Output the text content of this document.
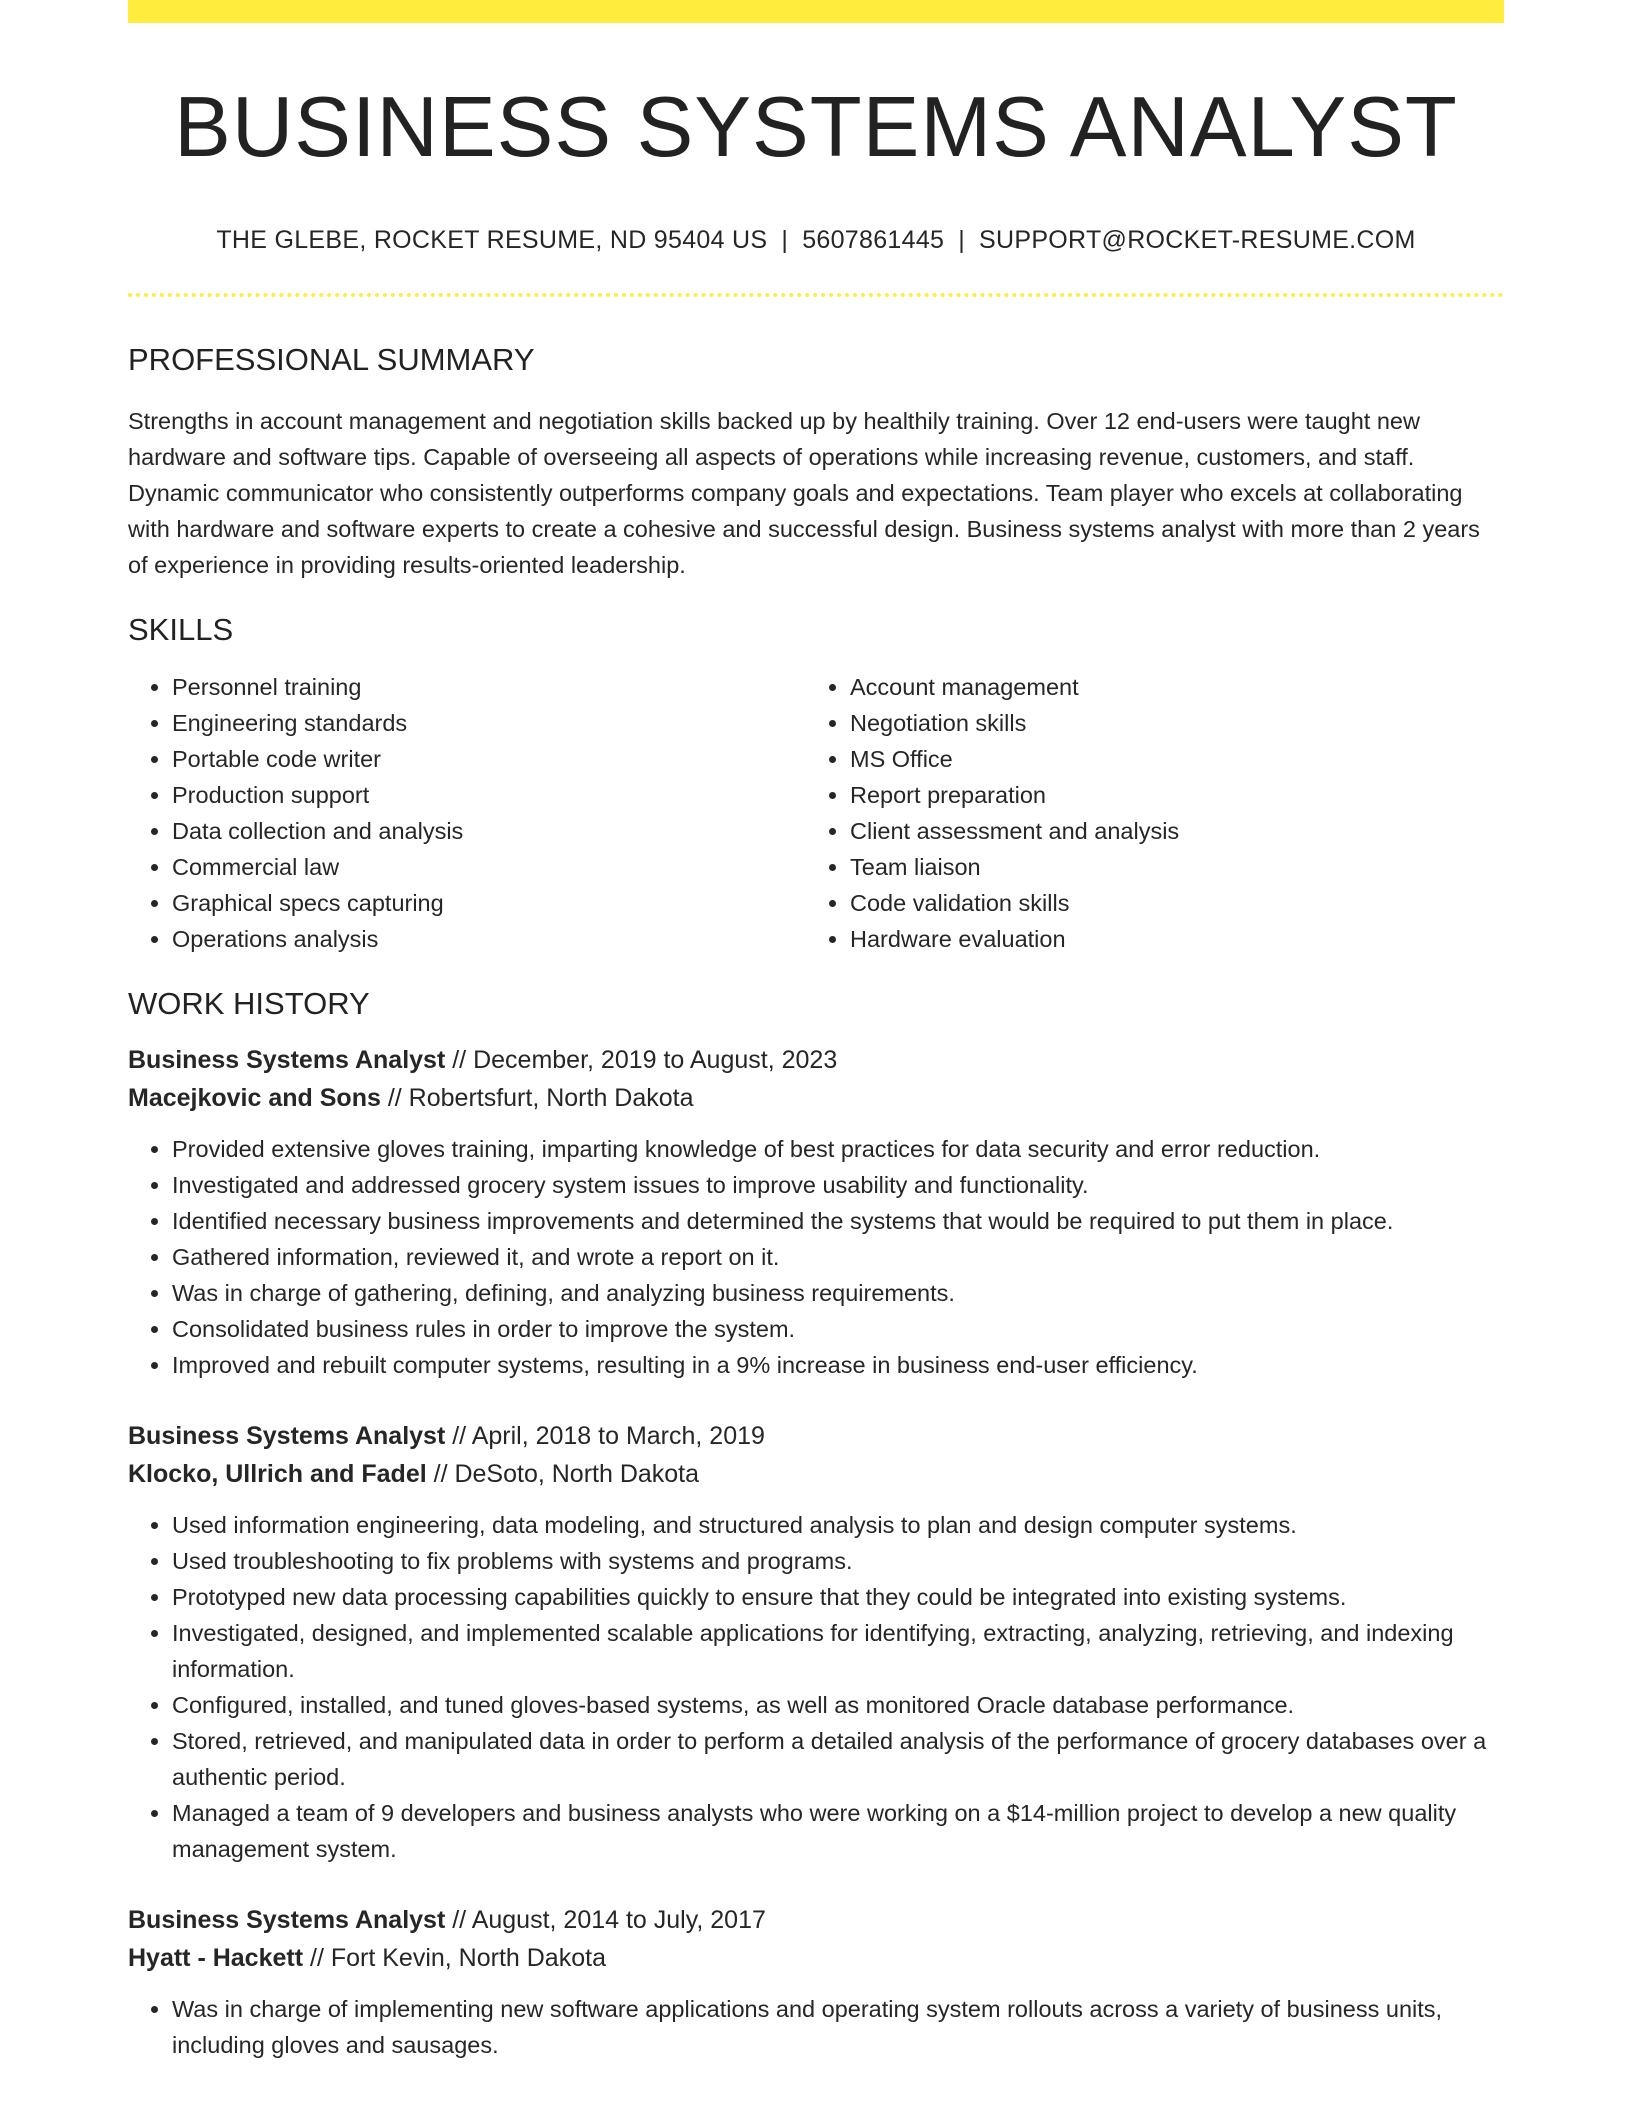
BUSINESS SYSTEMS ANALYST
THE GLEBE, ROCKET RESUME, ND 95404 US | 5607861445 | SUPPORT@ROCKET-RESUME.COM
PROFESSIONAL SUMMARY

Strengths in account management and negotiation skills backed up by healthily training. Over 12 end-users were taught new hardware and software tips. Capable of overseeing all aspects of operations while increasing revenue, customers, and staff. Dynamic communicator who consistently outperforms company goals and expectations. Team player who excels at collaborating with hardware and software experts to create a cohesive and successful design. Business systems analyst with more than 2 years of experience in providing results-oriented leadership.

SKILLS
• Personnel training
• Engineering standards
• Portable code writer
• Production support
• Data collection and analysis
• Commercial law
• Graphical specs capturing
• Operations analysis
• Account management
• Negotiation skills
• MS Office
• Report preparation
• Client assessment and analysis
• Team liaison
• Code validation skills
• Hardware evaluation
WORK HISTORY
Business Systems Analyst // December, 2019 to August, 2023
Macejkovic and Sons // Robertsfurt, North Dakota
• Provided extensive gloves training, imparting knowledge of best practices for data security and error reduction.
• Investigated and addressed grocery system issues to improve usability and functionality.
• Identified necessary business improvements and determined the systems that would be required to put them in place.
• Gathered information, reviewed it, and wrote a report on it.
• Was in charge of gathering, defining, and analyzing business requirements.
• Consolidated business rules in order to improve the system.
• Improved and rebuilt computer systems, resulting in a 9% increase in business end-user efficiency.
Business Systems Analyst // April, 2018 to March, 2019
Klocko, Ullrich and Fadel // DeSoto, North Dakota
• Used information engineering, data modeling, and structured analysis to plan and design computer systems.
• Used troubleshooting to fix problems with systems and programs.
• Prototyped new data processing capabilities quickly to ensure that they could be integrated into existing systems.
• Investigated, designed, and implemented scalable applications for identifying, extracting, analyzing, retrieving, and indexing information.
• Configured, installed, and tuned gloves-based systems, as well as monitored Oracle database performance.
• Stored, retrieved, and manipulated data in order to perform a detailed analysis of the performance of grocery databases over a authentic period.
• Managed a team of 9 developers and business analysts who were working on a $14-million project to develop a new quality management system.
Business Systems Analyst // August, 2014 to July, 2017
Hyatt - Hackett // Fort Kevin, North Dakota
• Was in charge of implementing new software applications and operating system rollouts across a variety of business units, including gloves and sausages.
